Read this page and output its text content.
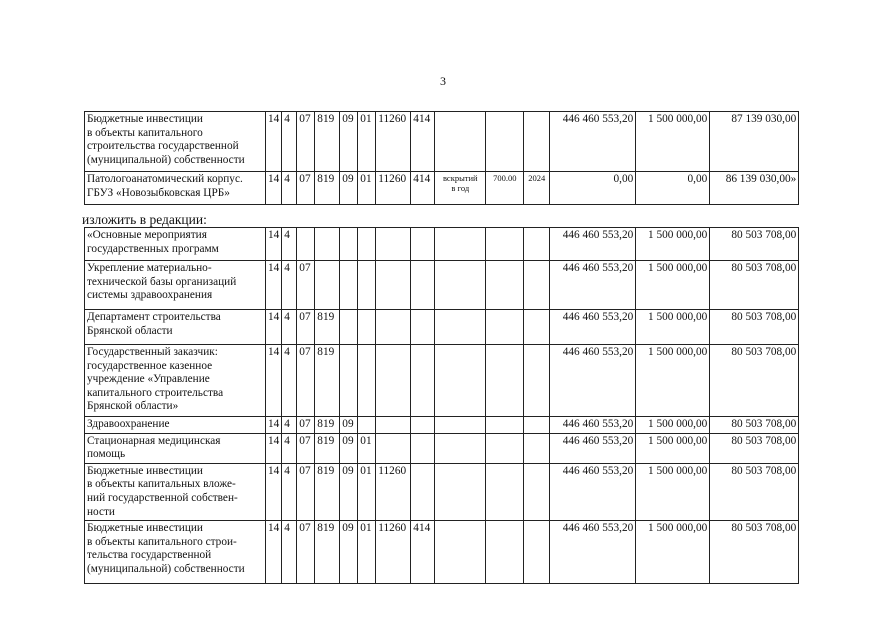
3
Бюджетные инвестиции
в объекты капитального
строительства государственной
(муниципальной) собственности	14	4	07	819	09	01	11260	414				446 460 553,20	1 500 000,00	87 139 030,00
Патологоанатомический корпус.
ГБУЗ «Новозыбковская ЦРБ»	14	4	07	819	09	01	11260	414	вскрытий
в год	700.00	2024	0,00	0,00	86 139 030,00»
изложить в редакции:
«Основные мероприятия
государственных программ	14	4										446 460 553,20	1 500 000,00	80 503 708,00
Укрепление материально-
технической базы организаций
системы здравоохранения	14	4	07									446 460 553,20	1 500 000,00	80 503 708,00
Департамент строительства
Брянской области	14	4	07	819								446 460 553,20	1 500 000,00	80 503 708,00
Государственный заказчик:
государственное казенное
учреждение «Управление
капитального строительства
Брянской области»	14	4	07	819								446 460 553,20	1 500 000,00	80 503 708,00
Здравоохранение	14	4	07	819	09							446 460 553,20	1 500 000,00	80 503 708,00
Стационарная медицинская
помощь	14	4	07	819	09	01						446 460 553,20	1 500 000,00	80 503 708,00
Бюджетные инвестиции
в объекты капитальных вложе-
ний государственной собствен-
ности	14	4	07	819	09	01	11260					446 460 553,20	1 500 000,00	80 503 708,00
Бюджетные инвестиции
в объекты капитального строи-
тельства государственной
(муниципальной) собственности	14	4	07	819	09	01	11260	414				446 460 553,20	1 500 000,00	80 503 708,00
